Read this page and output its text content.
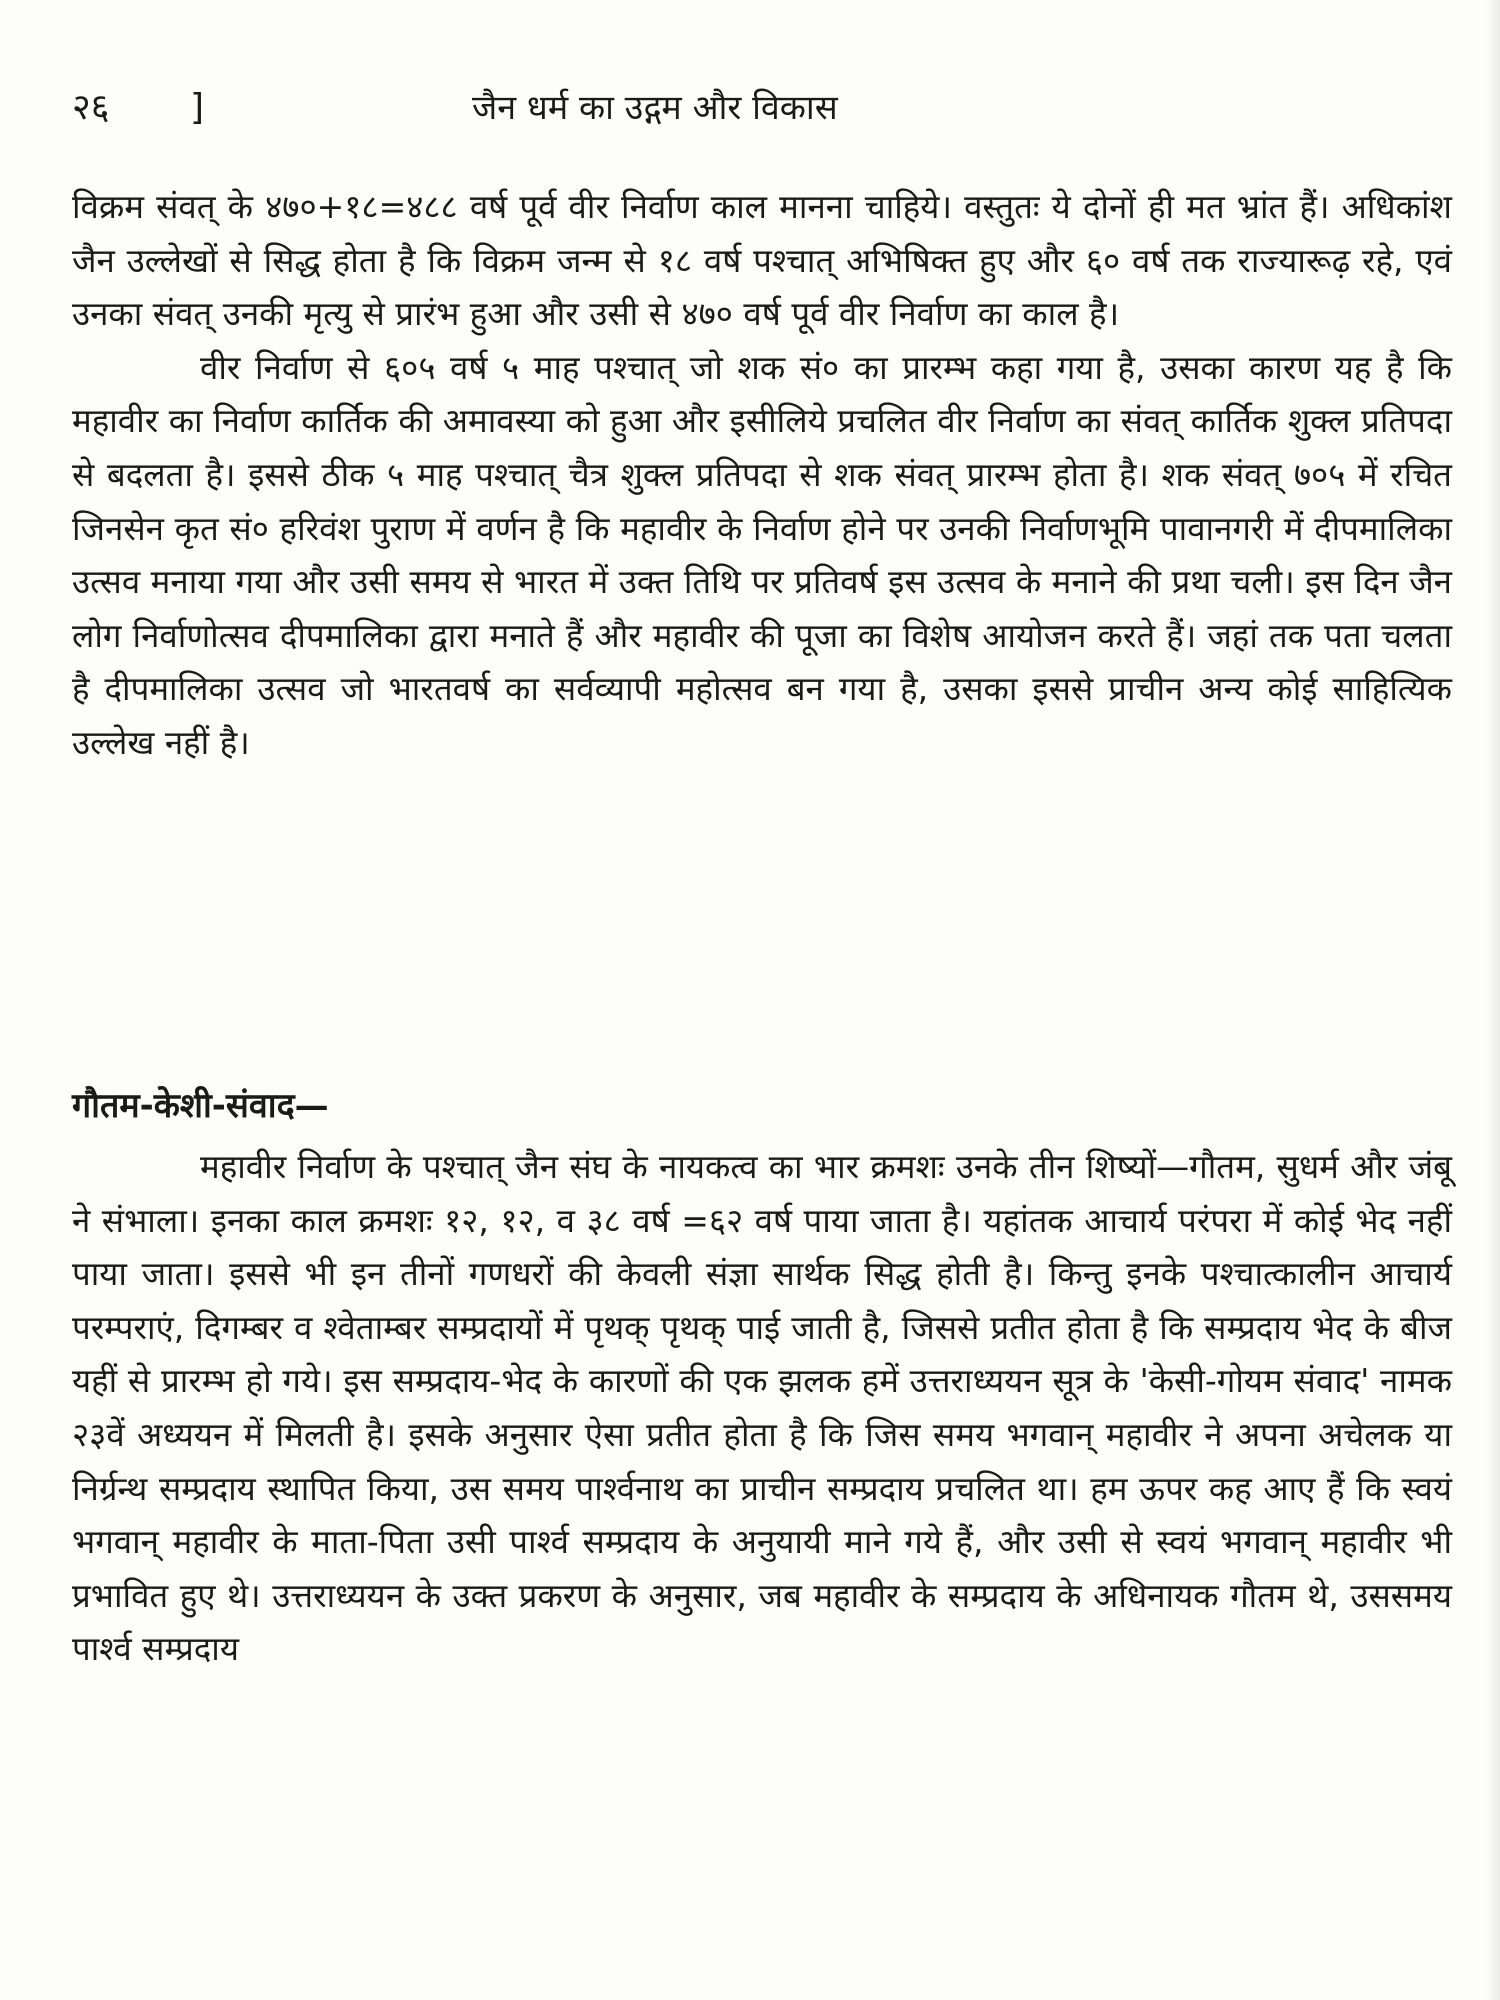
२६ ]	जैन धर्म का उद्गम और विकास

विक्रम संवत् के ४७०+१८=४८८ वर्ष पूर्व वीर निर्वाण काल मानना चाहिये। वस्तुतः ये दोनों ही मत भ्रांत हैं। अधिकांश जैन उल्लेखों से सिद्ध होता है कि विक्रम जन्म से १८ वर्ष पश्चात् अभिषिक्त हुए और ६० वर्ष तक राज्यारूढ़ रहे, एवं उनका संवत् उनकी मृत्यु से प्रारंभ हुआ और उसी से ४७० वर्ष पूर्व वीर निर्वाण का काल है।

वीर निर्वाण से ६०५ वर्ष ५ माह पश्चात् जो शक सं० का प्रारम्भ कहा गया है, उसका कारण यह है कि महावीर का निर्वाण कार्तिक की अमावस्या को हुआ और इसीलिये प्रचलित वीर निर्वाण का संवत् कार्तिक शुक्ल प्रतिपदा से बदलता है। इससे ठीक ५ माह पश्चात् चैत्र शुक्ल प्रतिपदा से शक संवत् प्रारम्भ होता है। शक संवत् ७०५ में रचित जिनसेन कृत सं० हरिवंश पुराण में वर्णन है कि महावीर के निर्वाण होने पर उनकी निर्वाणभूमि पावानगरी में दीपमालिका उत्सव मनाया गया और उसी समय से भारत में उक्त तिथि पर प्रतिवर्ष इस उत्सव के मनाने की प्रथा चली। इस दिन जैन लोग निर्वाणोत्सव दीपमालिका द्वारा मनाते हैं और महावीर की पूजा का विशेष आयोजन करते हैं। जहां तक पता चलता है दीपमालिका उत्सव जो भारतवर्ष का सर्वव्यापी महोत्सव बन गया है, उसका इससे प्राचीन अन्य कोई साहित्यिक उल्लेख नहीं है।

गौतम-केशी-संवाद—

महावीर निर्वाण के पश्चात् जैन संघ के नायकत्व का भार क्रमशः उनके तीन शिष्यों—गौतम, सुधर्म और जंबू ने संभाला। इनका काल क्रमशः १२, १२, व ३८ वर्ष =६२ वर्ष पाया जाता है। यहांतक आचार्य परंपरा में कोई भेद नहीं पाया जाता। इससे भी इन तीनों गणधरों की केवली संज्ञा सार्थक सिद्ध होती है। किन्तु इनके पश्चात्कालीन आचार्य परम्पराएं, दिगम्बर व श्वेताम्बर सम्प्रदायों में पृथक् पृथक् पाई जाती है, जिससे प्रतीत होता है कि सम्प्रदाय भेद के बीज यहीं से प्रारम्भ हो गये। इस सम्प्रदाय-भेद के कारणों की एक झलक हमें उत्तराध्ययन सूत्र के 'केसी-गोयम संवाद' नामक २३वें अध्ययन में मिलती है। इसके अनुसार ऐसा प्रतीत होता है कि जिस समय भगवान् महावीर ने अपना अचेलक या निर्ग्रन्थ सम्प्रदाय स्थापित किया, उस समय पार्श्वनाथ का प्राचीन सम्प्रदाय प्रचलित था। हम ऊपर कह आए हैं कि स्वयं भगवान् महावीर के माता-पिता उसी पार्श्व सम्प्रदाय के अनुयायी माने गये हैं, और उसी से स्वयं भगवान् महावीर भी प्रभावित हुए थे। उत्तराध्ययन के उक्त प्रकरण के अनुसार, जब महावीर के सम्प्रदाय के अधिनायक गौतम थे, उससमय पार्श्व सम्प्रदाय
